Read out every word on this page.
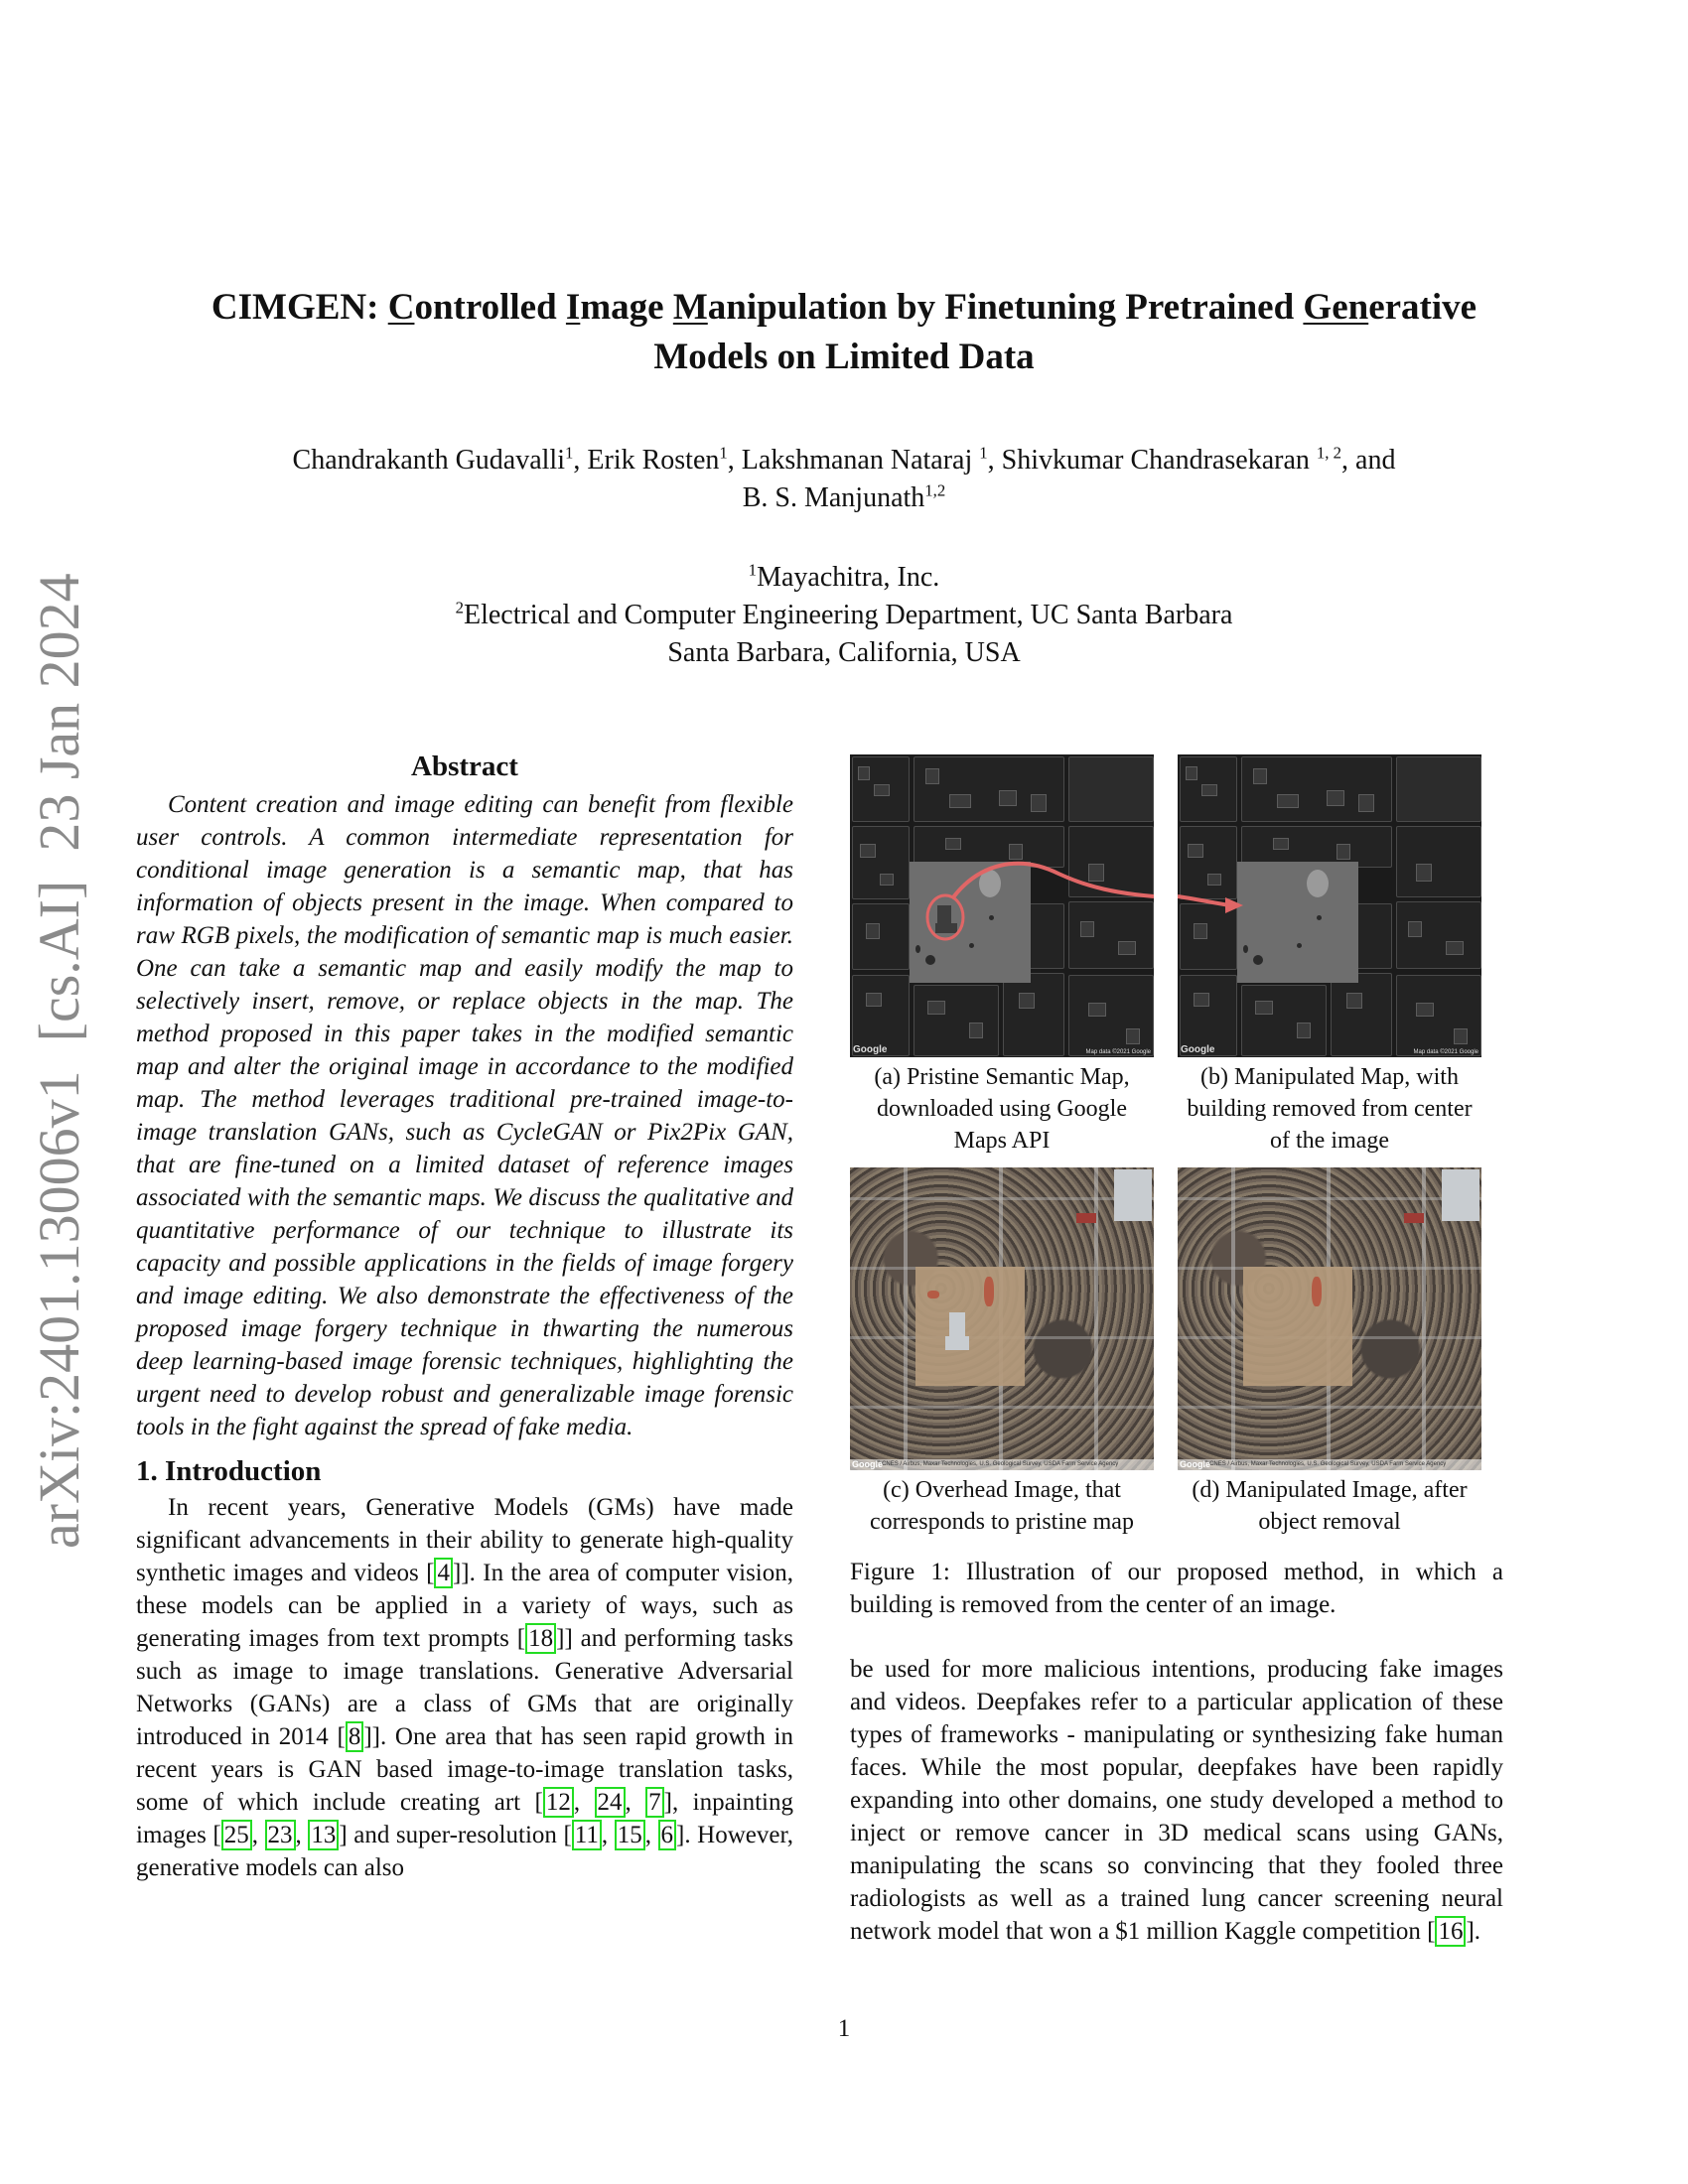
arXiv:2401.13006v1  [cs.AI]  23 Jan 2024
CIMGEN: Controlled Image Manipulation by Finetuning Pretrained Generative
Models on Limited Data
Chandrakanth Gudavalli$^1$, Erik Rosten$^1$, Lakshmanan Nataraj $^1$, Shivkumar Chandrasekaran $^{1, 2}$, and
B. S. Manjunath$^{1,2}$
$^1$Mayachitra, Inc.
$^2$Electrical and Computer Engineering Department, UC Santa Barbara
Santa Barbara, California, USA
Abstract

Content creation and image editing can benefit from flexible user controls. A common intermediate representation for conditional image generation is a semantic map, that has information of objects present in the image. When compared to raw RGB pixels, the modification of semantic map is much easier. One can take a semantic map and easily modify the map to selectively insert, remove, or replace objects in the map. The method proposed in this paper takes in the modified semantic map and alter the original image in accordance to the modified map. The method leverages traditional pre-trained image-to-image translation GANs, such as CycleGAN or Pix2Pix GAN, that are fine-tuned on a limited dataset of reference images associated with the semantic maps. We discuss the qualitative and quantitative performance of our technique to illustrate its capacity and possible applications in the fields of image forgery and image editing. We also demonstrate the effectiveness of the proposed image forgery technique in thwarting the numerous deep learning-based image forensic techniques, highlighting the urgent need to develop robust and generalizable image forensic tools in the fight against the spread of fake media.

1. Introduction

In recent years, Generative Models (GMs) have made significant advancements in their ability to generate high-quality synthetic images and videos [ 4 ]]. In the area of computer vision, these models can be applied in a variety of ways, such as generating images from text prompts [ 18 ]] and performing tasks such as image to image translations. Generative Adversarial Networks (GANs) are a class of GMs that are originally introduced in 2014 [ 8 ]]. One area that has seen rapid growth in recent years is GAN based image-to-image translation tasks, some of which include creating art [ 12 , 24 , 7 ], inpainting images [ 25 , 23 , 13 ] and super-resolution [ 11 , 15 , 6 ]. However, generative models can also

Google	Map data ©2021 Google
(a) Pristine Semantic Map, downloaded using Google Maps API
Google	Map data ©2021 Google
(b) Manipulated Map, with building removed from center of the image
Google
© CNES / Airbus, Maxar Technologies, U.S. Geological Survey, USDA Farm Service Agency
(c) Overhead Image, that corresponds to pristine map
Google
© CNES / Airbus, Maxar Technologies, U.S. Geological Survey, USDA Farm Service Agency
(d) Manipulated Image, after object removal

Figure 1: Illustration of our proposed method, in which a building is removed from the center of an image.

be used for more malicious intentions, producing fake images and videos. Deepfakes refer to a particular application of these types of frameworks - manipulating or synthesizing fake human faces. While the most popular, deepfakes have been rapidly expanding into other domains, one study developed a method to inject or remove cancer in 3D medical scans using GANs, manipulating the scans so convincing that they fooled three radiologists as well as a trained lung cancer screening neural network model that won a $1 million Kaggle competition [ 16 ].

1
